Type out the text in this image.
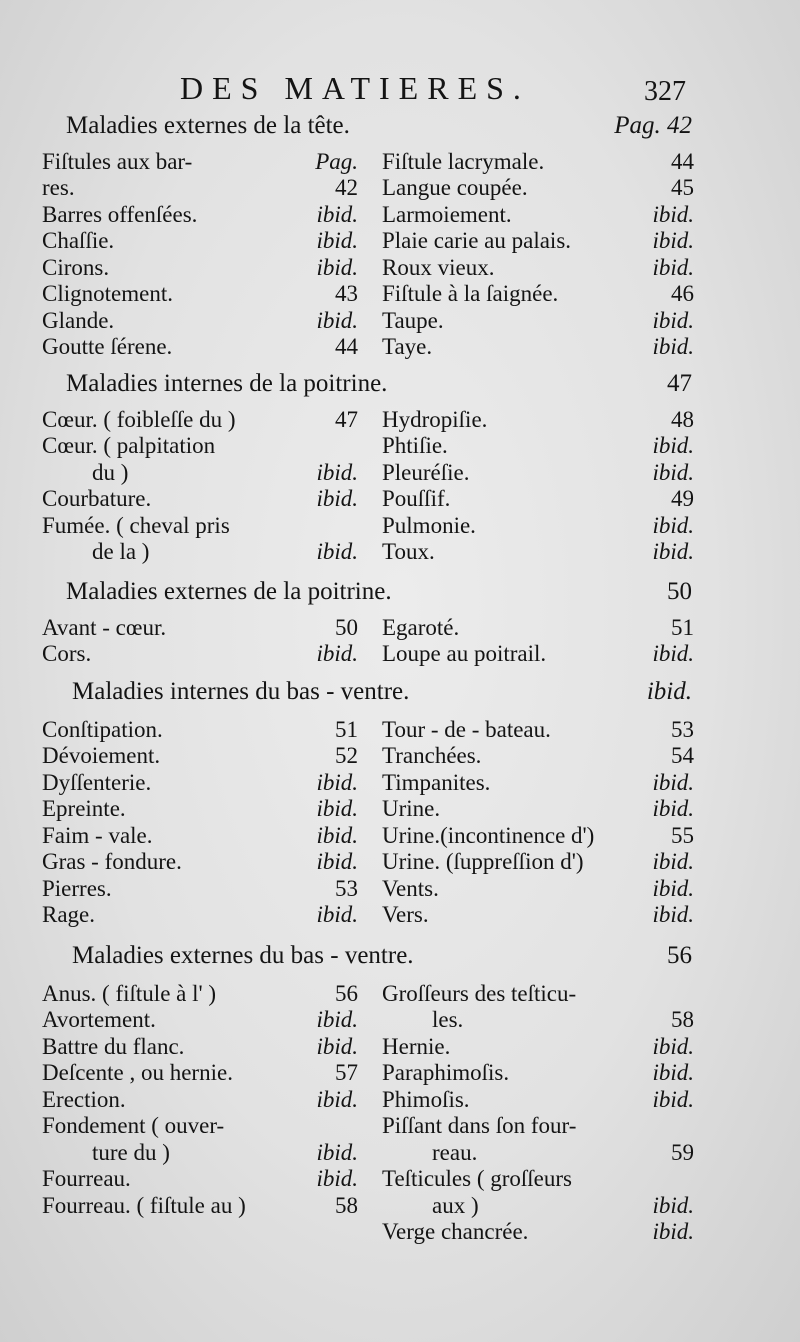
DES MATIERES.	327
Maladies externes de la tête.	Pag. 42
Fiſtules aux bar-	Pag.
res.	42
Barres offenſées.	ibid.
Chaſſie.	ibid.
Cirons.	ibid.
Clignotement.	43
Glande.	ibid.
Goutte ſérene.	44
Fiſtule lacrymale.	44
Langue coupée.	45
Larmoiement.	ibid.
Plaie carie au palais.	ibid.
Roux vieux.	ibid.
Fiſtule à la ſaignée.	46
Taupe.	ibid.
Taye.	ibid.
Maladies internes de la poitrine.	47
Cœur. ( foibleſſe du )	47
Cœur. ( palpitation
du )	ibid.
Courbature.	ibid.
Fumée. ( cheval pris
de la )	ibid.
Hydropiſie.	48
Phtiſie.	ibid.
Pleuréſie.	ibid.
Pouſſif.	49
Pulmonie.	ibid.
Toux.	ibid.
Maladies externes de la poitrine.	50
Avant - cœur.	50
Cors.	ibid.
Egaroté.	51
Loupe au poitrail.	ibid.
Maladies internes du bas - ventre.	ibid.
Conſtipation.	51
Dévoiement.	52
Dyſſenterie.	ibid.
Epreinte.	ibid.
Faim - vale.	ibid.
Gras - fondure.	ibid.
Pierres.	53
Rage.	ibid.
Tour - de - bateau.	53
Tranchées.	54
Timpanites.	ibid.
Urine.	ibid.
Urine.(incontinence d')	55
Urine. (ſuppreſſion d')	ibid.
Vents.	ibid.
Vers.	ibid.
Maladies externes du bas - ventre.	56
Anus. ( fiſtule à l' )	56
Avortement.	ibid.
Battre du flanc.	ibid.
Deſcente , ou hernie.	57
Erection.	ibid.
Fondement ( ouver-
ture du )	ibid.
Fourreau.	ibid.
Fourreau. ( fiſtule au )	58
Groſſeurs des teſticu-
les.	58
Hernie.	ibid.
Paraphimoſis.	ibid.
Phimoſis.	ibid.
Piſſant dans ſon four-
reau.	59
Teſticules ( groſſeurs
aux )	ibid.
Verge chancrée.	ibid.
